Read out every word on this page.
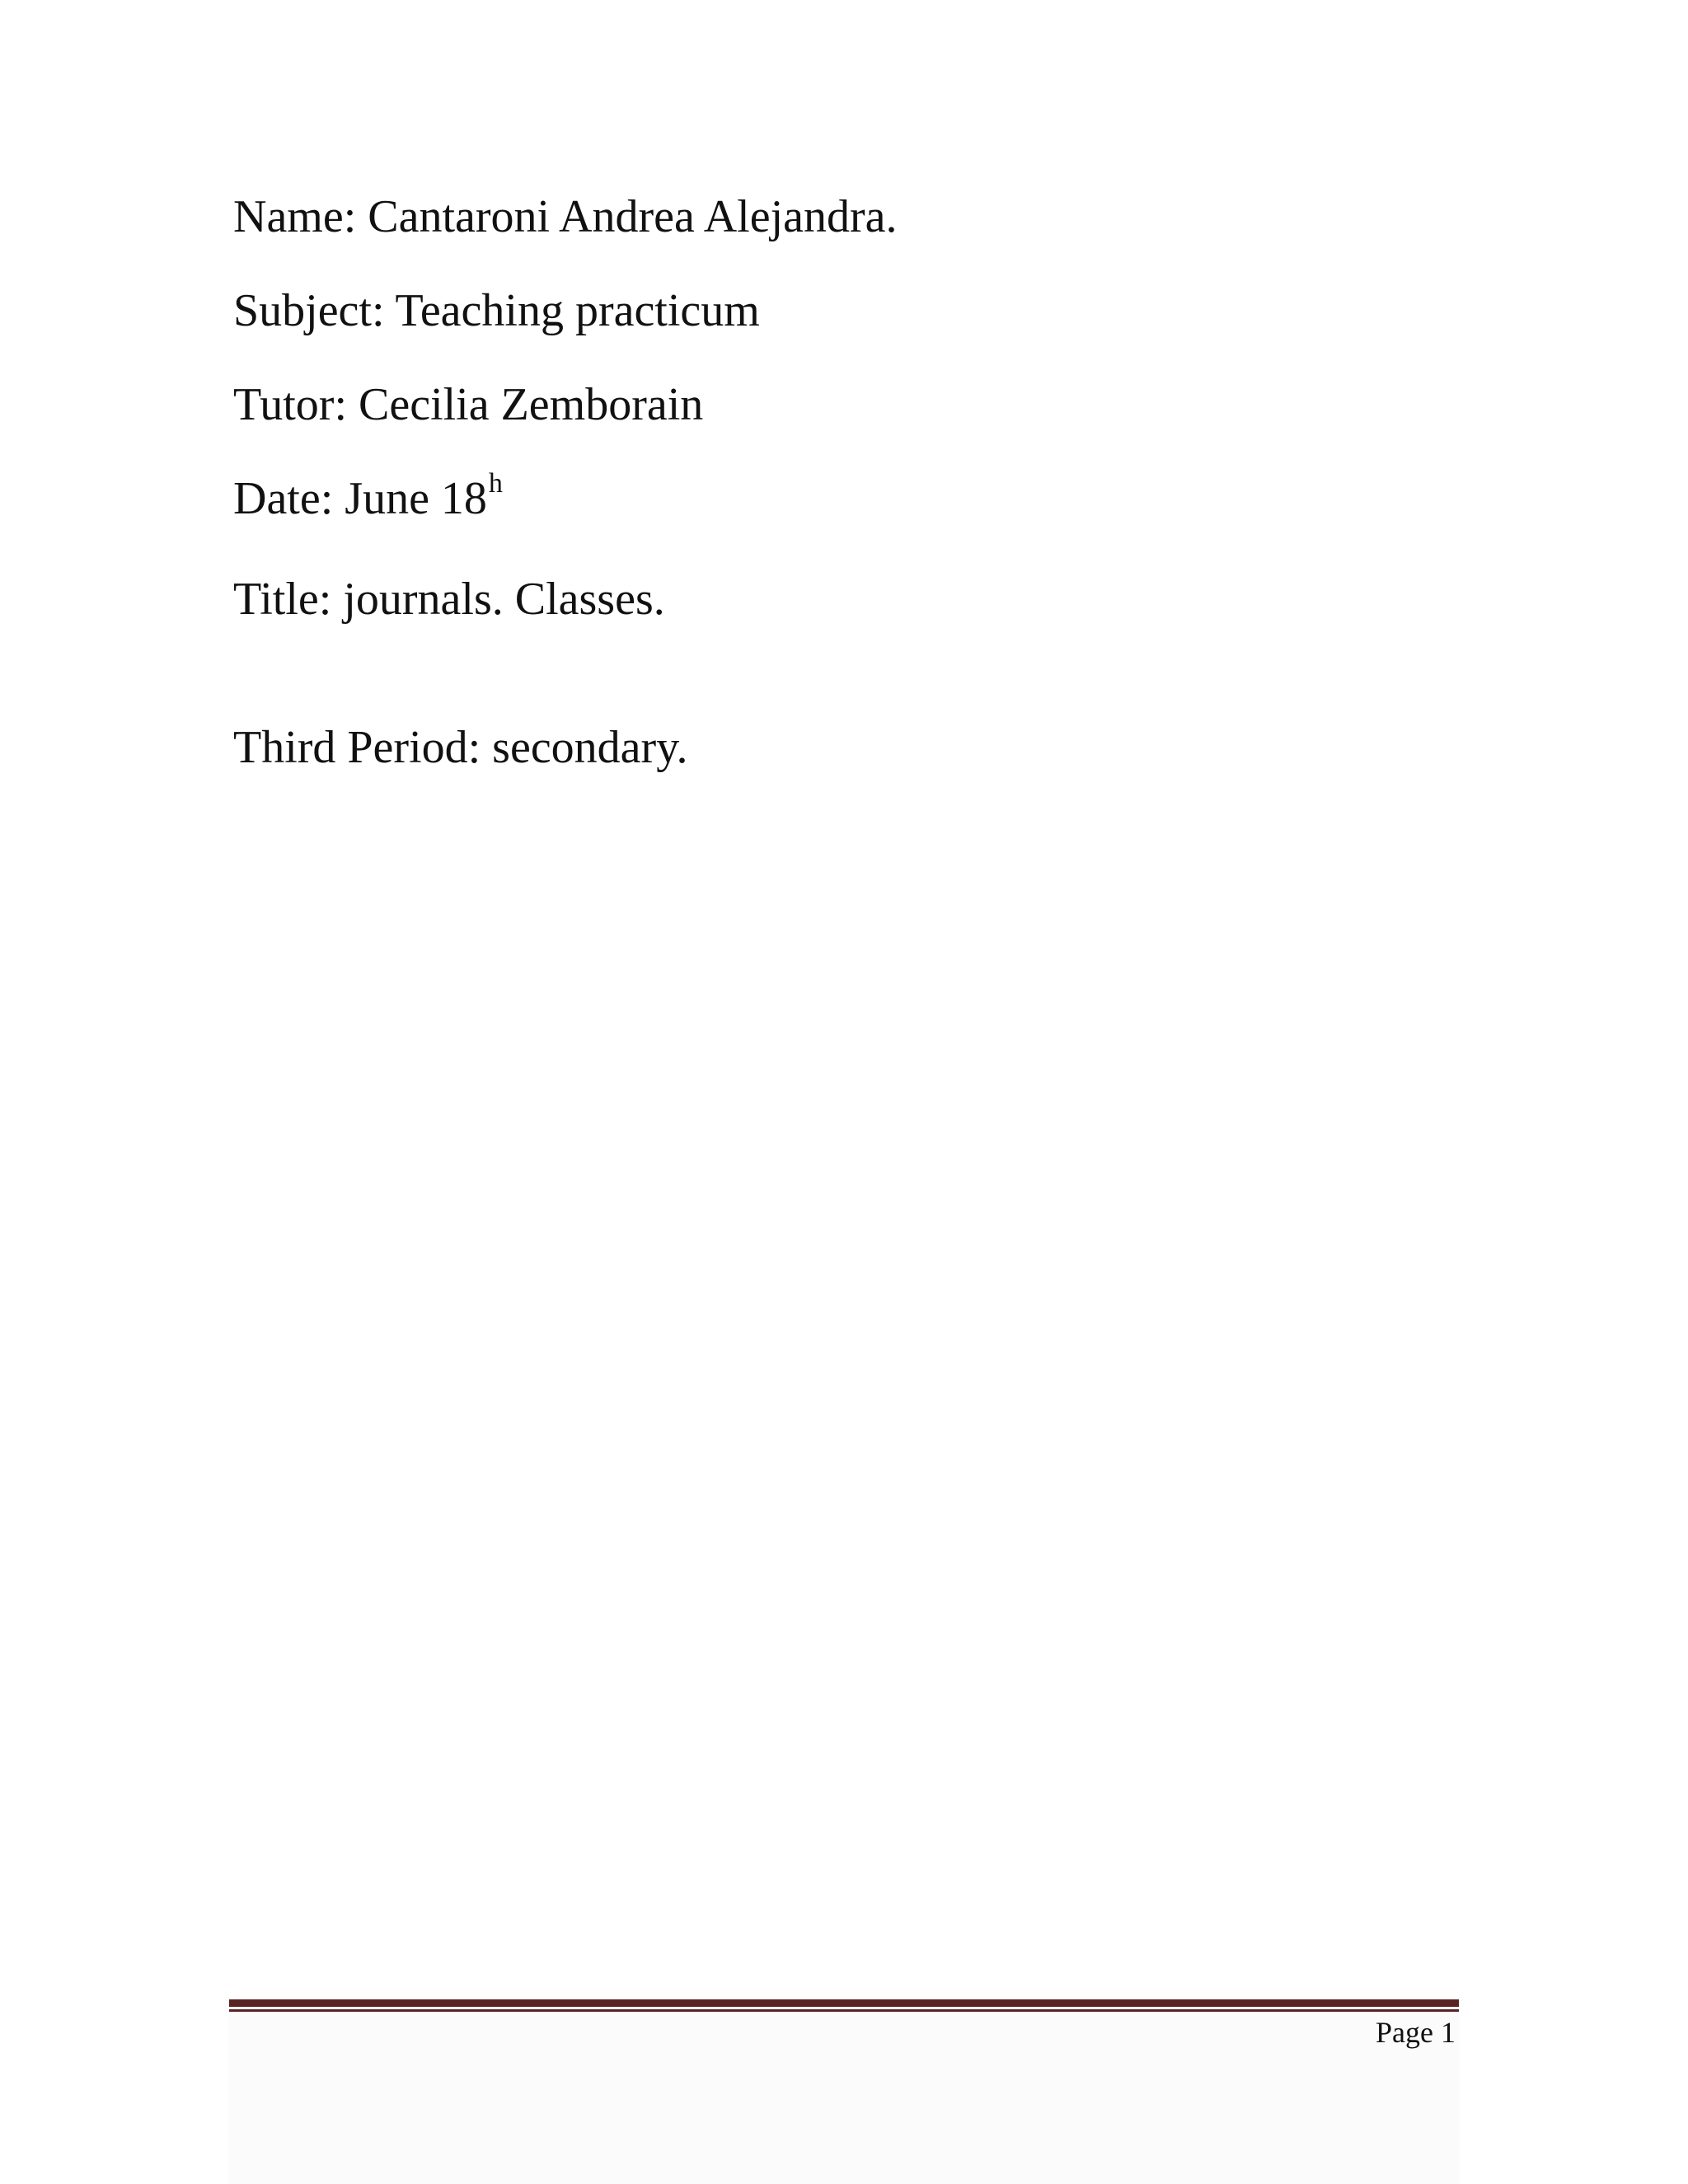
Name: Cantaroni Andrea Alejandra.

Subject: Teaching practicum

Tutor: Cecilia Zemborain

Date: June 18$^h$

Title: journals. Classes.

Third Period: secondary.

Page 1
